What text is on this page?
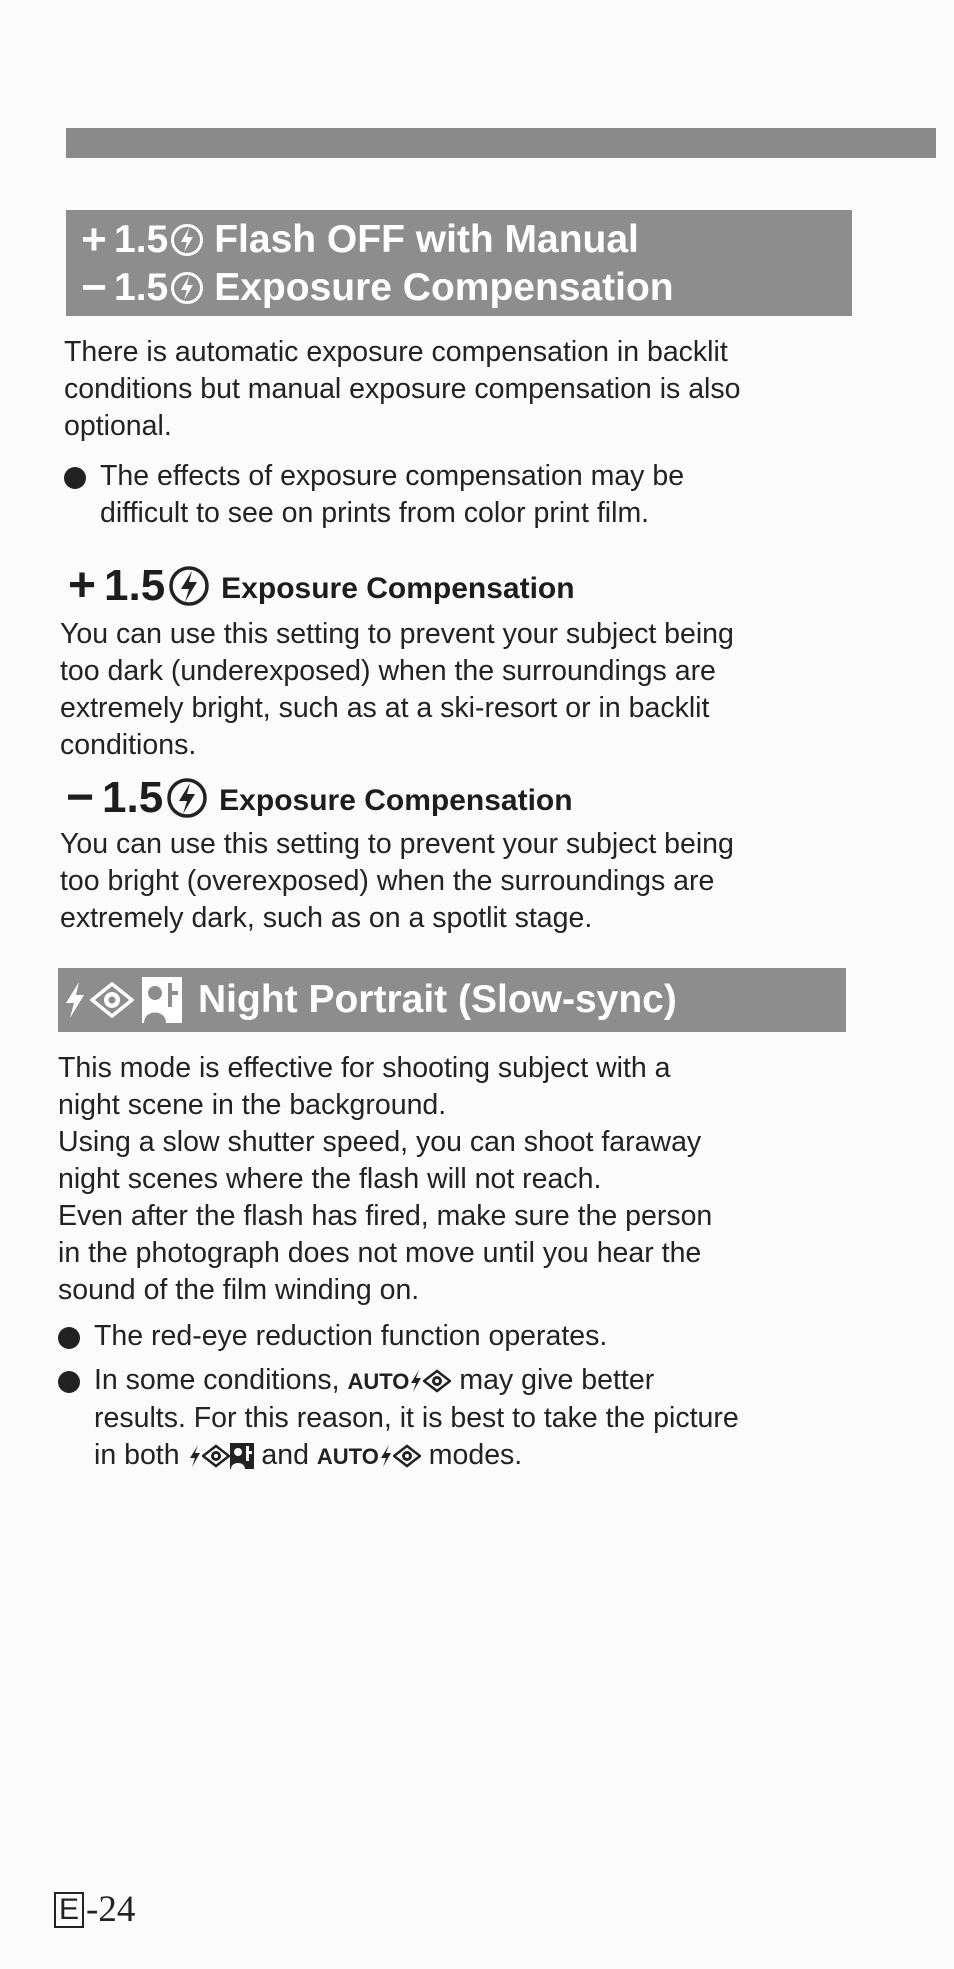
+ 1.5 Flash OFF with Manual
− 1.5 Exposure Compensation
There is automatic exposure compensation in backlit
conditions but manual exposure compensation is also
optional.
The effects of exposure compensation may be
difficult to see on prints from color print film.
+ 1.5 Exposure Compensation
You can use this setting to prevent your subject being
too dark (underexposed) when the surroundings are
extremely bright, such as at a ski-resort or in backlit
conditions.
− 1.5 Exposure Compensation
You can use this setting to prevent your subject being
too bright (overexposed) when the surroundings are
extremely dark, such as on a spotlit stage.
Night Portrait (Slow-sync)
This mode is effective for shooting subject with a
night scene in the background.
Using a slow shutter speed, you can shoot faraway
night scenes where the flash will not reach.
Even after the flash has fired, make sure the person
in the photograph does not move until you hear the
sound of the film winding on.
The red-eye reduction function operates.
In some conditions, AUTO may give better
results. For this reason, it is best to take the picture
in both	and AUTO modes.
E -24
